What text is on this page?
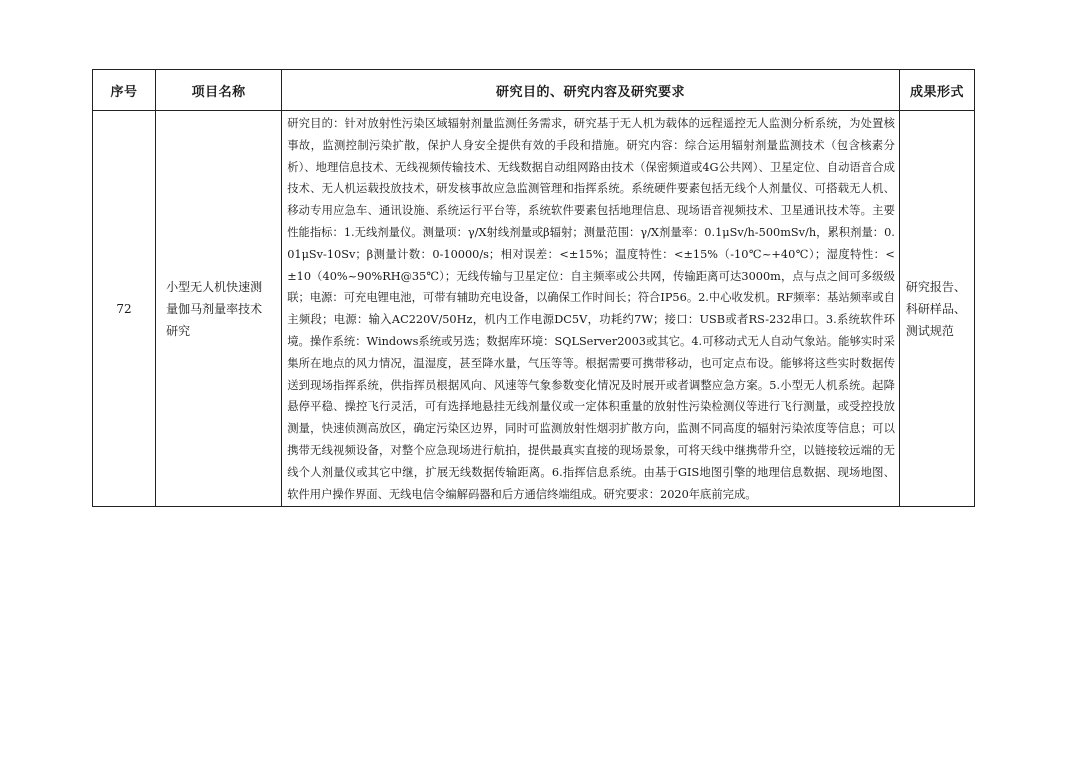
序号	项目名称	研究目的、研究内容及研究要求	成果形式
72	小型无人机快速测量伽马剂量率技术研究	研究目的：针对放射性污染区域辐射剂量监测任务需求，研究基于无人机为载体的远程遥控无人监测分析系统，为处置核事故，监测控制污染扩散，保护人身安全提供有效的手段和措施。研究内容：综合运用辐射剂量监测技术（包含核素分析）、地理信息技术、无线视频传输技术、无线数据自动组网路由技术（保密频道或4G公共网）、卫星定位、自动语音合成技术、无人机运载投放技术，研发核事故应急监测管理和指挥系统。系统硬件要素包括无线个人剂量仪、可搭载无人机、移动专用应急车、通讯设施、系统运行平台等，系统软件要素包括地理信息、现场语音视频技术、卫星通讯技术等。主要性能指标：1.无线剂量仪。测量项：γ/X射线剂量或β辐射；测量范围：γ/X剂量率：0.1μSv/h-500mSv/h，累积剂量：0.01μSv-10Sv；β测量计数：0-10000/s；相对误差：<±15%；温度特性：<±15%（-10℃~+40℃）；湿度特性：<±10（40%~90%RH@35℃）；无线传输与卫星定位：自主频率或公共网，传输距离可达3000m，点与点之间可多级级联；电源：可充电锂电池，可带有辅助充电设备，以确保工作时间长；符合IP56。2.中心收发机。RF频率：基站频率或自主频段；电源：输入AC220V/50Hz，机内工作电源DC5V，功耗约7W；接口：USB或者RS-232串口。3.系统软件环境。操作系统：Windows系统或另选；数据库环境：SQLServer2003或其它。4.可移动式无人自动气象站。能够实时采集所在地点的风力情况，温湿度，甚至降水量，气压等等。根据需要可携带移动，也可定点布设。能够将这些实时数据传送到现场指挥系统，供指挥员根据风向、风速等气象参数变化情况及时展开或者调整应急方案。5.小型无人机系统。起降悬停平稳、操控飞行灵活，可有选择地悬挂无线剂量仪或一定体积重量的放射性污染检测仪等进行飞行测量，或受控投放测量，快速侦测高放区，确定污染区边界，同时可监测放射性烟羽扩散方向，监测不同高度的辐射污染浓度等信息；可以携带无线视频设备，对整个应急现场进行航拍，提供最真实直接的现场景象，可将天线中继携带升空，以链接较远端的无线个人剂量仪或其它中继，扩展无线数据传输距离。6.指挥信息系统。由基于GIS地图引擎的地理信息数据、现场地图、软件用户操作界面、无线电信令编解码器和后方通信终端组成。研究要求：2020年底前完成。	研究报告、科研样品、测试规范
